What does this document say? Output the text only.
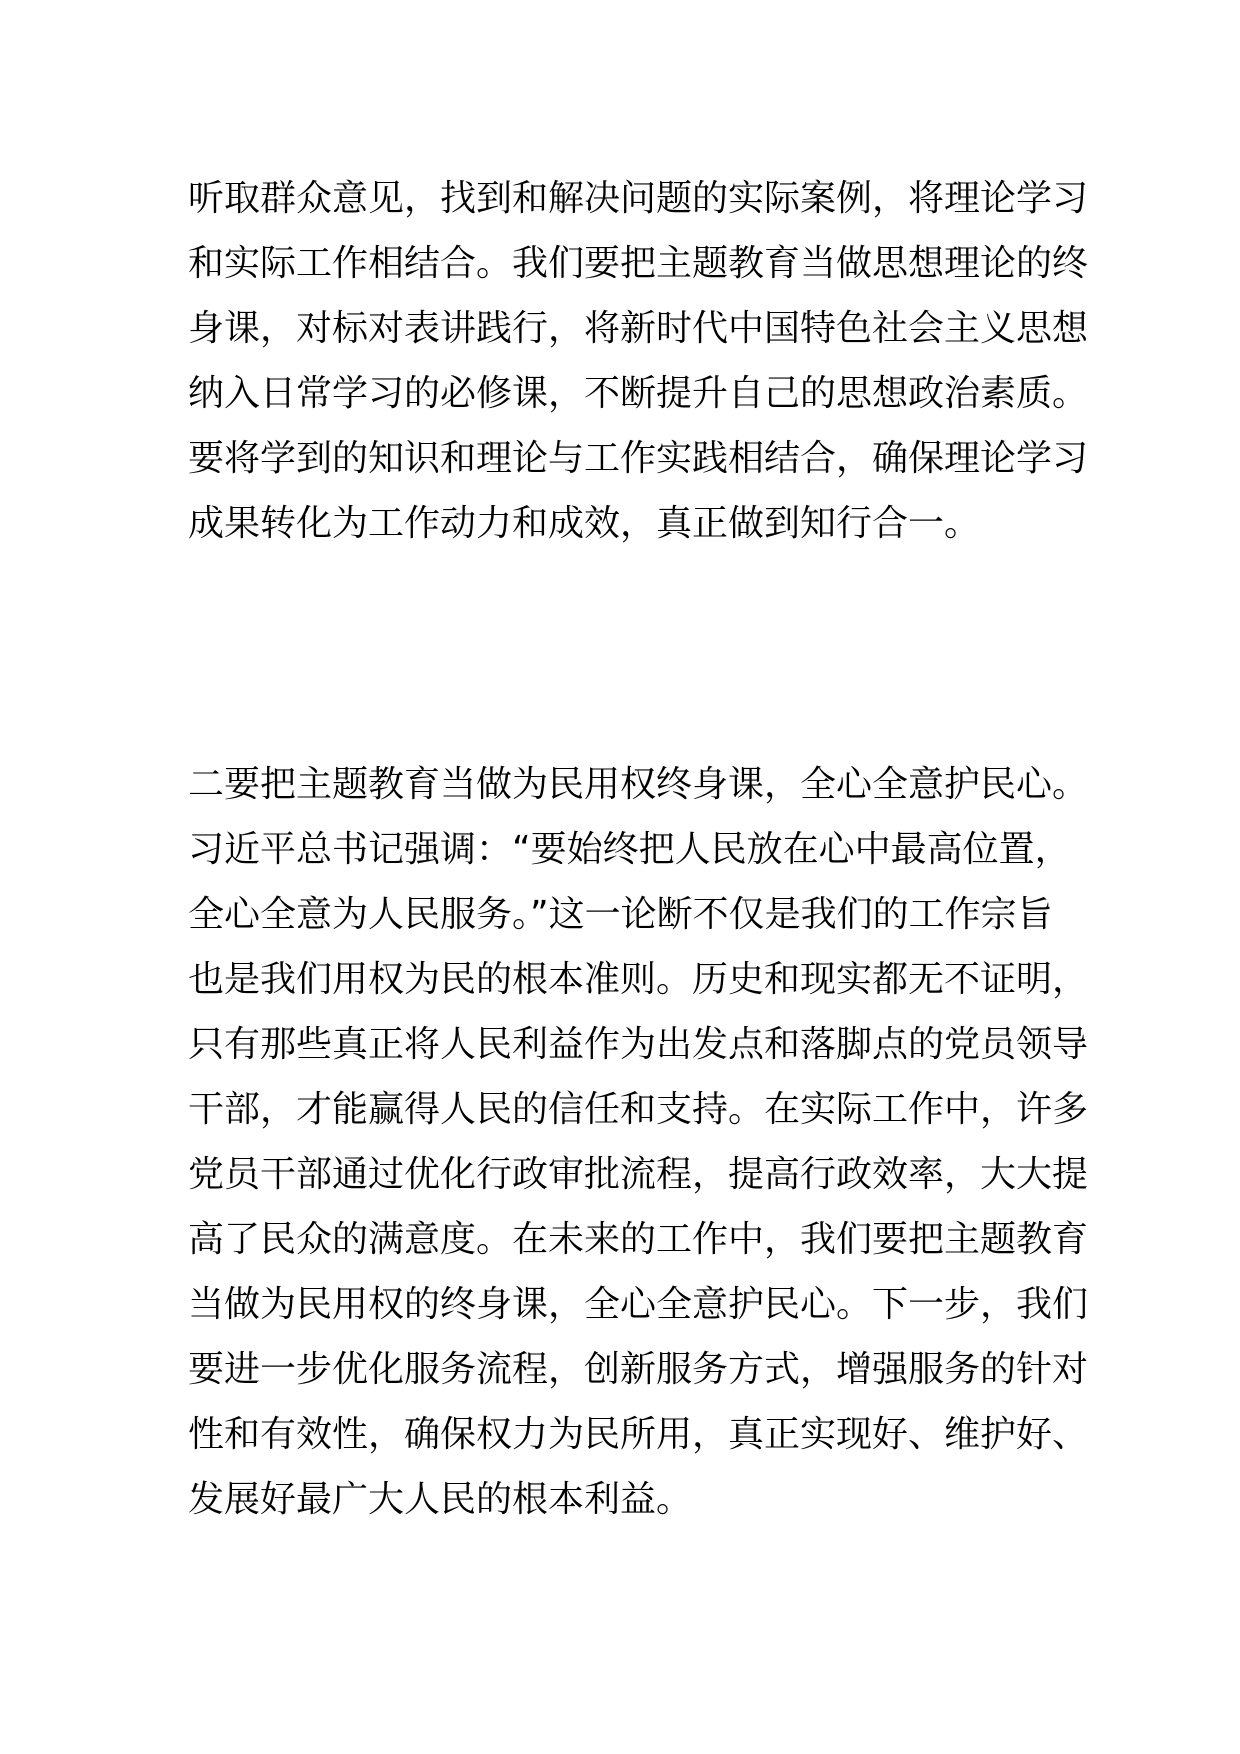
听取群众意见，找到和解决问题的实际案例，将理论学习
和实际工作相结合。我们要把主题教育当做思想理论的终
身课，对标对表讲践行，将新时代中国特色社会主义思想
纳入日常学习的必修课，不断提升自己的思想政治素质。
要将学到的知识和理论与工作实践相结合，确保理论学习
成果转化为工作动力和成效，真正做到知行合一。

二要把主题教育当做为民用权终身课，全心全意护民心。
习近平总书记强调：“要始终把人民放在心中最高位置，
全心全意为人民服务。”这一论断不仅是我们的工作宗旨
也是我们用权为民的根本准则。历史和现实都无不证明，
只有那些真正将人民利益作为出发点和落脚点的党员领导
干部，才能赢得人民的信任和支持。在实际工作中，许多
党员干部通过优化行政审批流程，提高行政效率，大大提
高了民众的满意度。在未来的工作中，我们要把主题教育
当做为民用权的终身课，全心全意护民心。下一步，我们
要进一步优化服务流程，创新服务方式，增强服务的针对
性和有效性，确保权力为民所用，真正实现好、维护好、
发展好最广大人民的根本利益。
